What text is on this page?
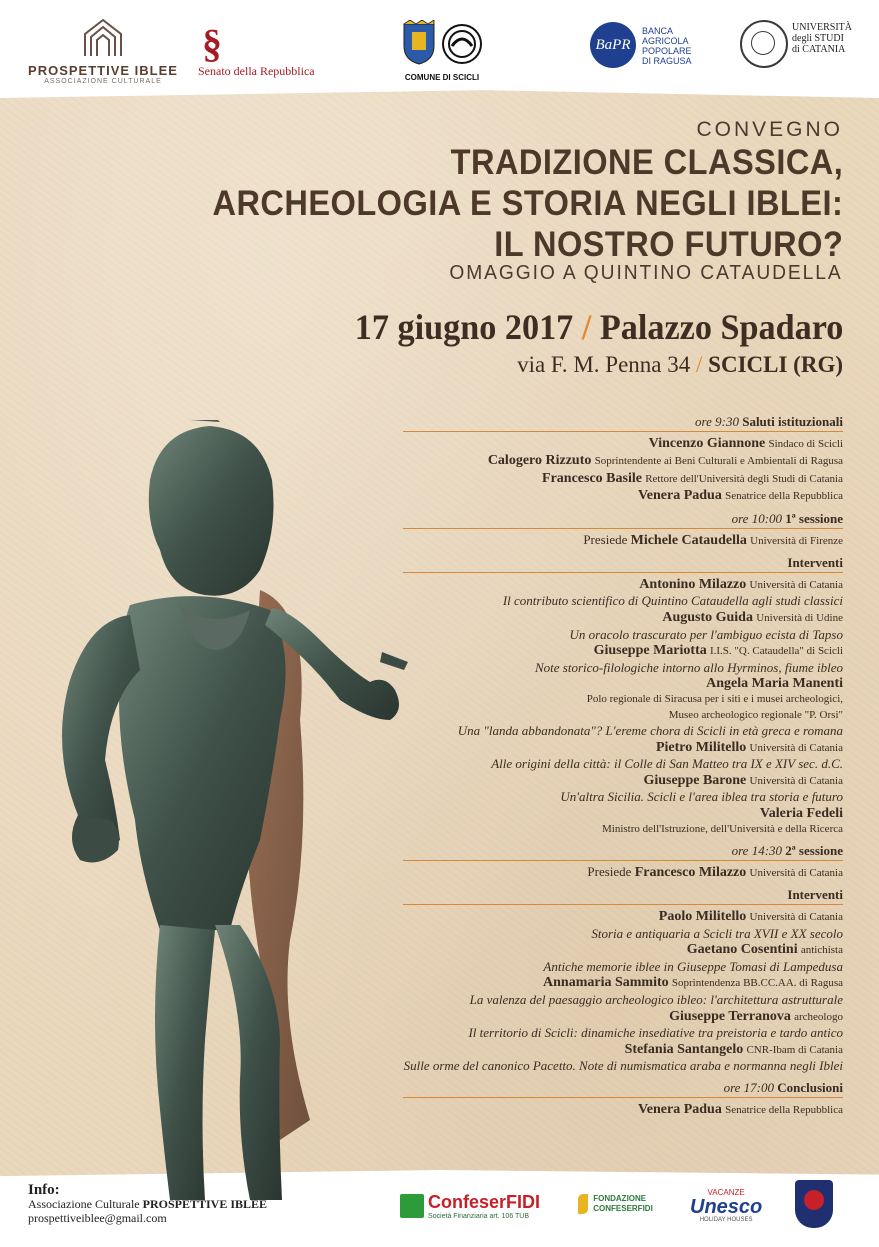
PROSPETTIVE IBLEE
ASSOCIAZIONE CULTURALE
§
Senato della Repubblica	COMUNE DI SCICLI
BaPR
BANCA
AGRICOLA
POPOLARE
DI RAGUSA
UNIVERSITÀ
degli STUDI
di CATANIA
CONVEGNO
TRADIZIONE CLASSICA,
ARCHEOLOGIA E STORIA NEGLI IBLEI:
IL NOSTRO FUTURO?
OMAGGIO A QUINTINO CATAUDELLA
17 giugno 2017 / Palazzo Spadaro
via F. M. Penna 34 / SCICLI (RG)
ore 9:30 Saluti istituzionali
Vincenzo Giannone Sindaco di Scicli
Calogero Rizzuto Soprintendente ai Beni Culturali e Ambientali di Ragusa
Francesco Basile Rettore dell'Università degli Studi di Catania
Venera Padua Senatrice della Repubblica
ore 10:00 1ª sessione
Presiede Michele Cataudella Università di Firenze
Interventi
Antonino Milazzo Università di Catania
Il contributo scientifico di Quintino Cataudella agli studi classici
Augusto Guida Università di Udine
Un oracolo trascurato per l'ambiguo ecista di Tapso
Giuseppe Mariotta I.I.S. "Q. Cataudella" di Scicli
Note storico-filologiche intorno allo Hyrminos, fiume ibleo
Angela Maria Manenti
Polo regionale di Siracusa per i siti e i musei archeologici,
Museo archeologico regionale "P. Orsi"
Una "landa abbandonata"? L'ereme chora di Scicli in età greca e romana
Pietro Militello Università di Catania
Alle origini della città: il Colle di San Matteo tra IX e XIV sec. d.C.
Giuseppe Barone Università di Catania
Un'altra Sicilia. Scicli e l'area iblea tra storia e futuro
Valeria Fedeli
Ministro dell'Istruzione, dell'Università e della Ricerca
ore 14:30 2ª sessione
Presiede Francesco Milazzo Università di Catania
Interventi
Paolo Militello Università di Catania
Storia e antiquaria a Scicli tra XVII e XX secolo
Gaetano Cosentini antichista
Antiche memorie iblee in Giuseppe Tomasi di Lampedusa
Annamaria Sammito Soprintendenza BB.CC.AA. di Ragusa
La valenza del paesaggio archeologico ibleo: l'architettura astrutturale
Giuseppe Terranova archeologo
Il territorio di Scicli: dinamiche insediative tra preistoria e tardo antico
Stefania Santangelo CNR-Ibam di Catania
Sulle orme del canonico Pacetto. Note di numismatica araba e normanna negli Iblei
ore 17:00 Conclusioni
Venera Padua Senatrice della Repubblica
Info:
Associazione Culturale PROSPETTIVE IBLEE
prospettiveiblee@gmail.com

ConfeserFIDI
Società Finanziaria art. 106 TUB

FONDAZIONE
CONFESERFIDI
VACANZE
Unesco
HOLIDAY HOUSES
